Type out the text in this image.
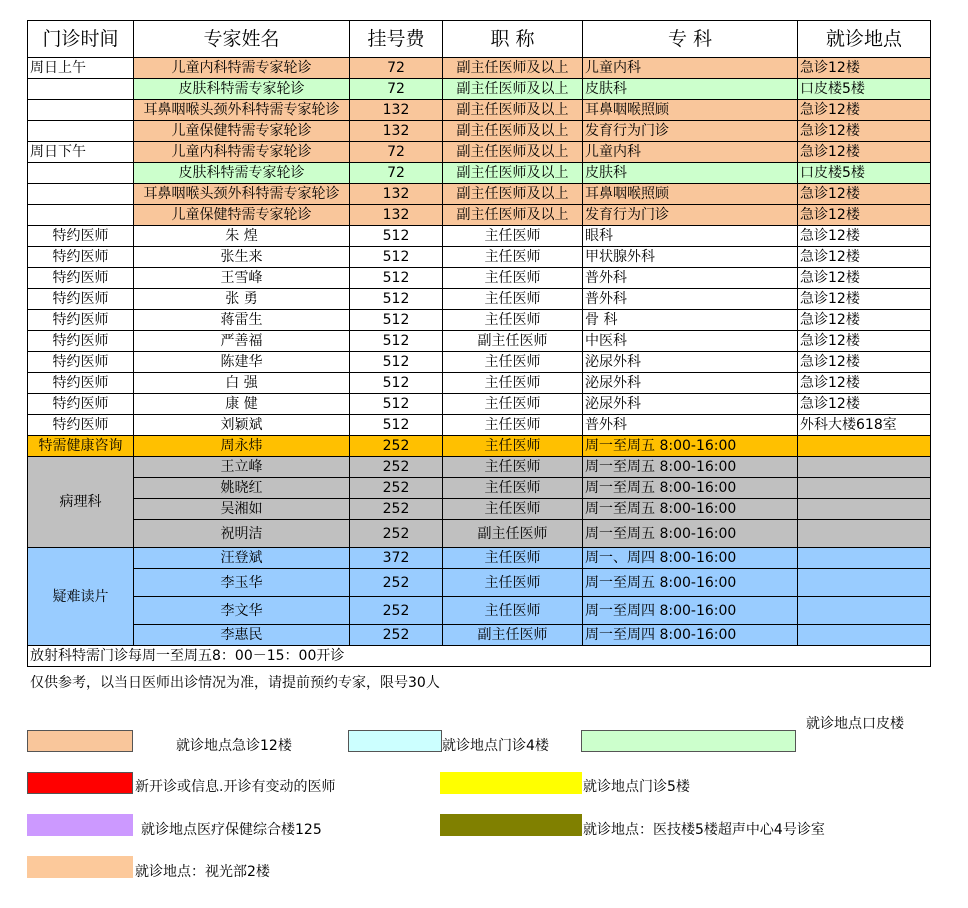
门诊时间	专家姓名	挂号费	职 称	专 科	就诊地点
周日上午	儿童内科特需专家轮诊	72	副主任医师及以上	儿童内科	急诊12楼
	皮肤科特需专家轮诊	72	副主任医师及以上	皮肤科	口皮楼5楼
	耳鼻咽喉头颈外科特需专家轮诊	132	副主任医师及以上	耳鼻咽喉照顾	急诊12楼
	儿童保健特需专家轮诊	132	副主任医师及以上	发育行为门诊	急诊12楼
周日下午	儿童内科特需专家轮诊	72	副主任医师及以上	儿童内科	急诊12楼
	皮肤科特需专家轮诊	72	副主任医师及以上	皮肤科	口皮楼5楼
	耳鼻咽喉头颈外科特需专家轮诊	132	副主任医师及以上	耳鼻咽喉照顾	急诊12楼
	儿童保健特需专家轮诊	132	副主任医师及以上	发育行为门诊	急诊12楼
特约医师	朱 煌	512	主任医师	眼科	急诊12楼
特约医师	张生来	512	主任医师	甲状腺外科	急诊12楼
特约医师	王雪峰	512	主任医师	普外科	急诊12楼
特约医师	张 勇	512	主任医师	普外科	急诊12楼
特约医师	蒋雷生	512	主任医师	骨 科	急诊12楼
特约医师	严善福	512	副主任医师	中医科	急诊12楼
特约医师	陈建华	512	主任医师	泌尿外科	急诊12楼
特约医师	白 强	512	主任医师	泌尿外科	急诊12楼
特约医师	康 健	512	主任医师	泌尿外科	急诊12楼
特约医师	刘颖斌	512	主任医师	普外科	外科大楼618室
特需健康咨询	周永炜	252	主任医师	周一至周五 8:00-16:00	
病理科	王立峰	252	主任医师	周一至周五 8:00-16:00	
	姚晓红	252	主任医师	周一至周五 8:00-16:00	
	吴湘如	252	主任医师	周一至周五 8:00-16:00	
	祝明洁	252	副主任医师	周一至周五 8:00-16:00	
疑难读片	汪登斌	372	主任医师	周一、周四 8:00-16:00	
	李玉华	252	主任医师	周一至周五 8:00-16:00	
	李文华	252	主任医师	周一至周四 8:00-16:00	
	李惠民	252	副主任医师	周一至周四 8:00-16:00	
放射科特需门诊每周一至周五8：00－15：00开诊					
仅供参考，以当日医师出诊情况为准，请提前预约专家，限号30人
就诊地点急诊12楼	就诊地点门诊4楼
就诊地点口皮楼
新开诊或信息.开诊有变动的医师	就诊地点门诊5楼
就诊地点医疗保健综合楼125	就诊地点：医技楼5楼超声中心4号诊室
就诊地点：视光部2楼
